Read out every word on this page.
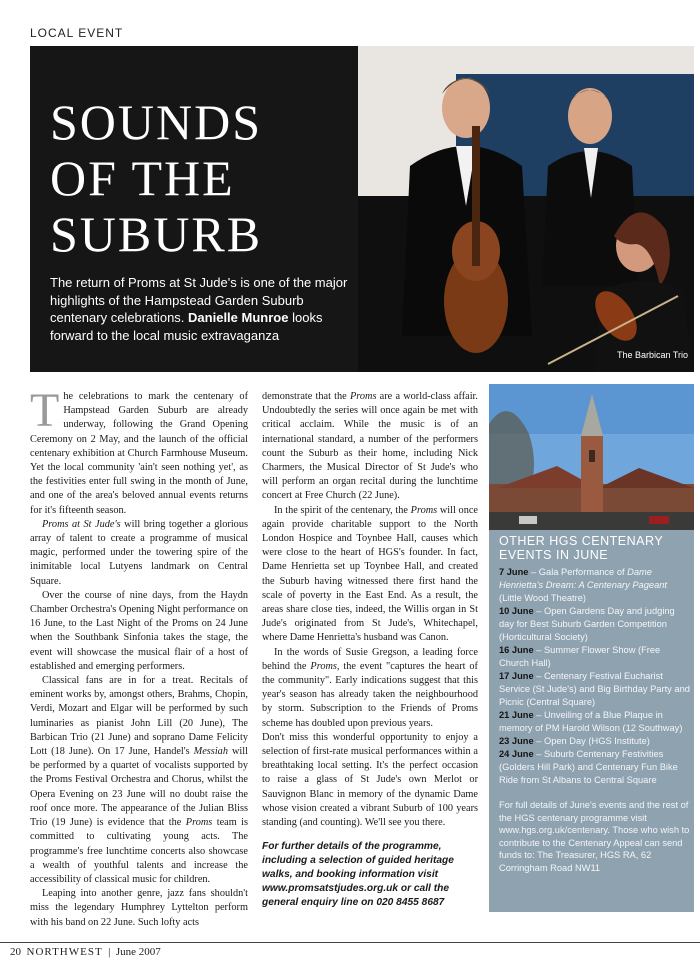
LOCAL EVENT
SOUNDS
OF THE
SUBURB
The return of Proms at St Jude's is one of the major highlights of the Hampstead Garden Suburb centenary celebrations. Danielle Munroe looks forward to the local music extravaganza
The Barbican Trio

The celebrations to mark the centenary of Hampstead Garden Suburb are already underway, following the Grand Opening Ceremony on 2 May, and the launch of the official centenary exhibition at Church Farmhouse Museum. Yet the local community 'ain't seen nothing yet', as the festivities enter full swing in the month of June, and one of the area's beloved annual events returns for it's fifteenth season.

Proms at St Jude's will bring together a glorious array of talent to create a programme of musical magic, performed under the towering spire of the inimitable local Lutyens landmark on Central Square.

Over the course of nine days, from the Haydn Chamber Orchestra's Opening Night performance on 16 June, to the Last Night of the Proms on 24 June when the Southbank Sinfonia takes the stage, the event will showcase the musical flair of a host of established and emerging performers.

Classical fans are in for a treat. Recitals of eminent works by, amongst others, Brahms, Chopin, Verdi, Mozart and Elgar will be performed by such luminaries as pianist John Lill (20 June), The Barbican Trio (21 June) and soprano Dame Felicity Lott (18 June). On 17 June, Handel's Messiah will be performed by a quartet of vocalists supported by the Proms Festival Orchestra and Chorus, whilst the Opera Evening on 23 June will no doubt raise the roof once more. The appearance of the Julian Bliss Trio (19 June) is evidence that the Proms team is committed to cultivating young acts. The programme's free lunchtime concerts also showcase a wealth of youthful talents and increase the accessibility of classical music for children.

Leaping into another genre, jazz fans shouldn't miss the legendary Humphrey Lyttelton perform with his band on 22 June. Such lofty acts

demonstrate that the Proms are a world-class affair. Undoubtedly the series will once again be met with critical acclaim. While the music is of an international standard, a number of the performers count the Suburb as their home, including Nick Charmers, the Musical Director of St Jude's who will perform an organ recital during the lunchtime concert at Free Church (22 June).

In the spirit of the centenary, the Proms will once again provide charitable support to the North London Hospice and Toynbee Hall, causes which were close to the heart of HGS's founder. In fact, Dame Henrietta set up Toynbee Hall, and created the Suburb having witnessed there first hand the scale of poverty in the East End. As a result, the areas share close ties, indeed, the Willis organ in St Jude's originated from St Jude's, Whitechapel, where Dame Henrietta's husband was Canon.

In the words of Susie Gregson, a leading force behind the Proms, the event "captures the heart of the community". Early indications suggest that this year's season has already taken the neighbourhood by storm. Subscription to the Friends of Proms scheme has doubled upon previous years.

Don't miss this wonderful opportunity to enjoy a selection of first-rate musical performances within a breathtaking local setting. It's the perfect occasion to raise a glass of St Jude's own Merlot or Sauvignon Blanc in memory of the dynamic Dame whose vision created a vibrant Suburb of 100 years standing (and counting). We'll see you there.

For further details of the programme, including a selection of guided heritage walks, and booking information visit www.promsatstjudes.org.uk or call the general enquiry line on 020 8455 8687

OTHER HGS CENTENARY
EVENTS IN JUNE

7 June – Gala Performance of Dame Henrietta's Dream: A Centenary Pageant (Little Wood Theatre)

10 June – Open Gardens Day and judging day for Best Suburb Garden Competition (Horticultural Society)

16 June – Summer Flower Show (Free Church Hall)

17 June – Centenary Festival Eucharist Service (St Jude's) and Big Birthday Party and Picnic (Central Square)

21 June – Unveiling of a Blue Plaque in memory of PM Harold Wilson (12 Southway)

23 June – Open Day (HGS Institute)

24 June – Suburb Centenary Festivities (Golders Hill Park) and Centenary Fun Bike Ride from St Albans to Central Square

For full details of June's events and the rest of the HGS centenary programme visit www.hgs.org.uk/centenary. Those who wish to contribute to the Centenary Appeal can send funds to: The Treasurer, HGS RA, 62 Corringham Road NW11

20 NORTHWEST | June 2007
